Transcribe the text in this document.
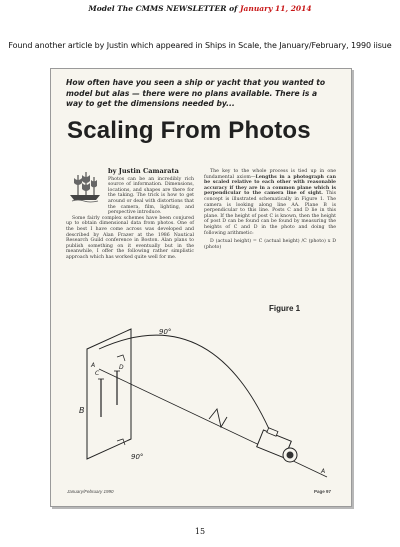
Model The CMMS NEWSLETTER of January 11, 2014
Found another article by Justin which appeared in Ships in Scale, the January/February, 1990 iisue
How often have you seen a ship or yacht that you wanted to model but alas — there were no plans available. There is a way to get the dimensions needed by...
Scaling From Photos
by Justin Camarata

Photos can be an incredibly rich source of information. Dimensions, locations, and shapes are there for the taking. The trick is how to get around or deal with distortions that the camera, film, lighting, and perspective introduce.

Some fairly complex schemes have been conjured up to obtain dimensional data from photos. One of the best I have come across was developed and described by Alan Frazer at the 1986 Nautical Research Guild conference in Boston. Alan plans to publish something on it eventually but in the meanwhile, I offer the following rather simplistic approach which has worked quite well for me.

The key to the whole process is tied up in one fundamental axiom—Lengths in a photograph can be scaled relative to each other with reasonable accuracy if they are in a common plane which is perpendicular to the camera line of sight. This concept is illustrated schematically in Figure 1. The camera is looking along line AA. Plane B is perpendicular to this line. Posts C and D lie in this plane. If the height of post C is known, then the height of post D can be found can be found by measuring the heights of C and D in the photo and doing the following arithmetic:

D (actual height) = C (actual height) /C (photo) x D (photo)

Figure 1
B
C
D
A
A
90°
90°
January/February 1990	Page 97
15
